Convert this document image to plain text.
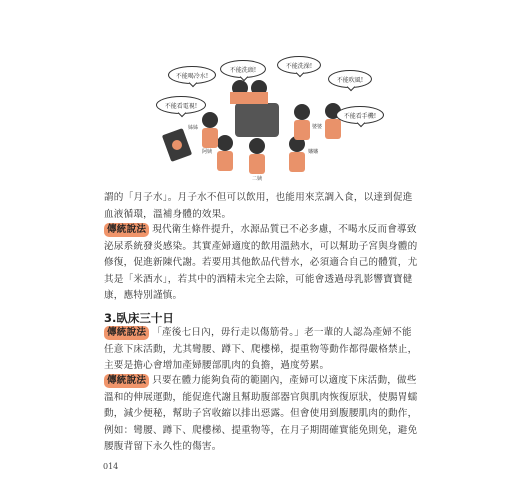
不能喝冷水!
不能洗頭!
不能洗澡!
不能吹風!
不能看電視!
不能看手機!
姊姊
阿姨
二姨
婆婆
嬸嬸
謂的「月子水」。月子水不但可以飲用，也能用來烹調入食，以達到促進血液循環，溫補身體的效果。
傳統說法 現代衛生條件提升，水源品質已不必多慮，不喝水反而會導致泌尿系統發炎感染。其實產婦適度的飲用溫熱水，可以幫助子宮與身體的修復，促進新陳代謝。若要用其他飲品代替水，必須適合自己的體質，尤其是「米酒水」，若其中的酒精未完全去除，可能會透過母乳影響寶寶健康，應特別謹慎。
3.臥床三十日
傳統說法 「產後七日內，毋行走以傷筋骨。」老一輩的人認為產婦不能任意下床活動，尤其彎腰、蹲下、爬樓梯，提重物等動作都得嚴格禁止，主要是擔心會增加產婦腰部肌肉的負擔，過度勞累。
傳統說法 只要在體力能夠負荷的範圍內，產婦可以適度下床活動，做些溫和的伸展運動，能促進代謝且幫助腹部器官與肌肉恢復原狀，使腸胃蠕動，減少便秘，幫助子宮收縮以排出惡露。但會使用到腹腰肌肉的動作，例如：彎腰、蹲下、爬樓梯、提重物等，在月子期間確實能免則免，避免腰腹背留下永久性的傷害。
014
